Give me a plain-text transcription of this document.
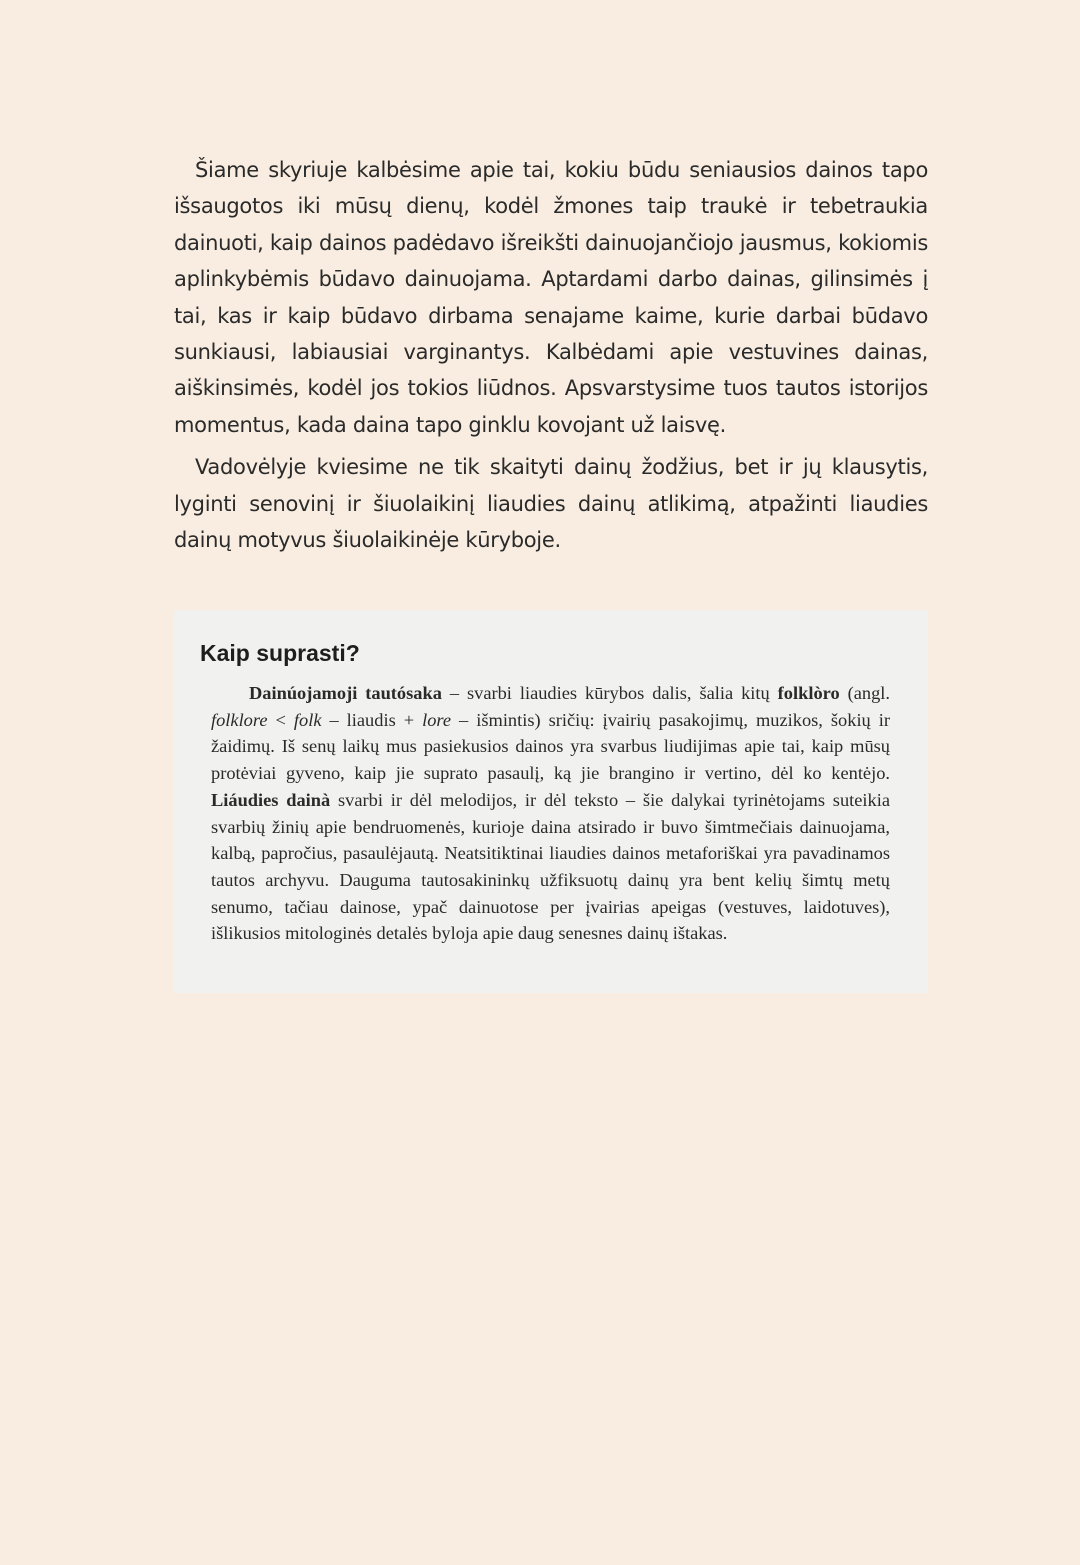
Šiame skyriuje kalbėsime apie tai, kokiu būdu seniausios dainos tapo išsaugotos iki mūsų dienų, kodėl žmones taip traukė ir tebetraukia dainuoti, kaip dainos padėdavo išreikšti dainuojančiojo jausmus, kokiomis aplinkybėmis būdavo dainuojama. Aptardami darbo dainas, gilinsimės į tai, kas ir kaip būdavo dirbama senajame kaime, kurie darbai būdavo sunkiausi, labiausiai varginantys. Kalbėdami apie vestuvines dainas, aiškinsimės, kodėl jos tokios liūdnos. Apsvarstysime tuos tautos istorijos momentus, kada daina tapo ginklu kovojant už laisvę.

Vadovėlyje kviesime ne tik skaityti dainų žodžius, bet ir jų klausytis, lyginti senovinį ir šiuolaikinį liaudies dainų atlikimą, atpažinti liaudies dainų motyvus šiuolaikinėje kūryboje.

Kaip suprasti?

Dainúojamoji tautósaka – svarbi liaudies kūrybos dalis, šalia kitų folklòro (angl. folklore < folk – liaudis + lore – išmintis) sričių: įvairių pasakojimų, muzikos, šokių ir žaidimų. Iš senų laikų mus pasiekusios dainos yra svarbus liudijimas apie tai, kaip mūsų protėviai gyveno, kaip jie suprato pasaulį, ką jie brangino ir vertino, dėl ko kentėjo. Liáudies dainà svarbi ir dėl melodijos, ir dėl teksto – šie dalykai tyrinėtojams suteikia svarbių žinių apie bendruomenės, kurioje daina atsirado ir buvo šimtmečiais dainuojama, kalbą, papročius, pasaulėjautą. Neatsitiktinai liaudies dainos metaforiškai yra pavadinamos tautos archyvu. Dauguma tautosakininkų užfiksuotų dainų yra bent kelių šimtų metų senumo, tačiau dainose, ypač dainuotose per įvairias apeigas (vestuves, laidotuves), išlikusios mitologinės detalės byloja apie daug senesnes dainų ištakas.
